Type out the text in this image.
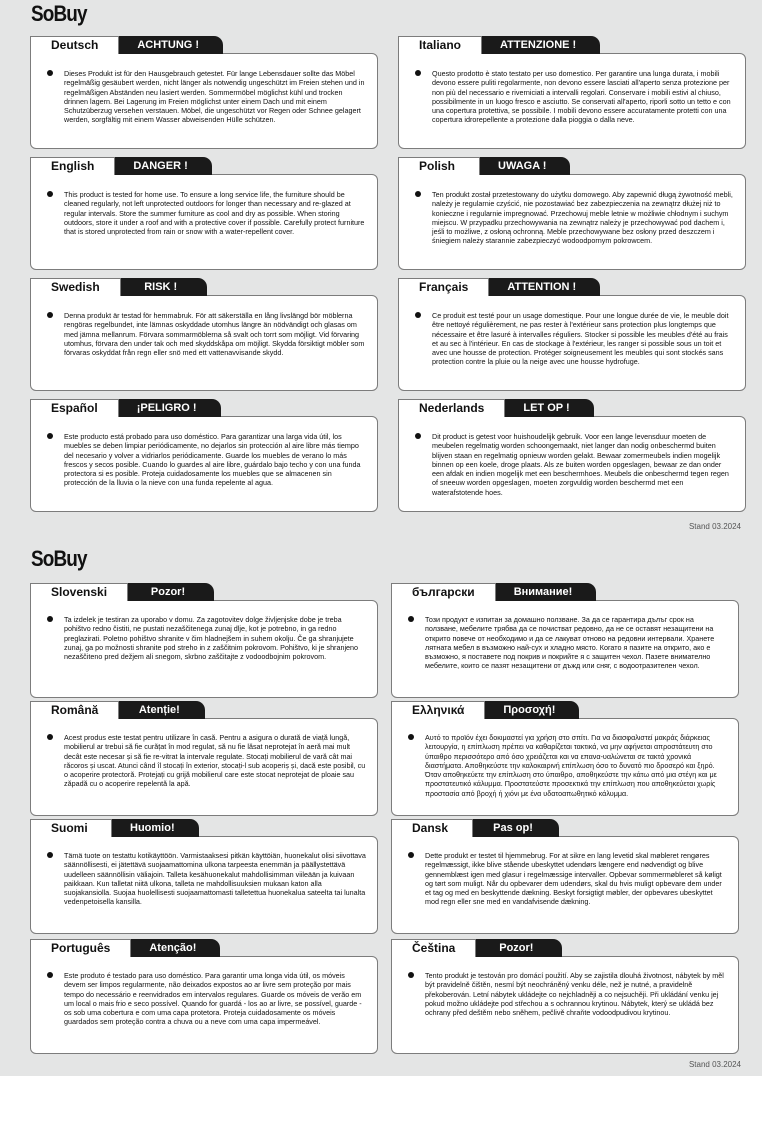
SoBuy
Deutsch	ACHTUNG !
Dieses Produkt ist für den Hausgebrauch getestet. Für lange Lebensdauer sollte das Möbel regelmäßig gesäubert werden, nicht länger als notwendig ungeschützt im Freien stehen und in regelmäßigen Abständen neu lasiert werden. Sommermöbel möglichst kühl und trocken drinnen lagern. Bei Lagerung im Freien möglichst unter einem Dach und mit einem Schutzüberzug versehen verstauen. Möbel, die ungeschützt vor Regen oder Schnee gelagert werden, sorgfältig mit einem Wasser abweisenden Hülle schützen.
Italiano	ATTENZIONE !
Questo prodotto è stato testato per uso domestico. Per garantire una lunga durata, i mobili devono essere puliti regolarmente, non devono essere lasciati all'aperto senza protezione per non più del necessario e riverniciati a intervalli regolari. Conservare i mobili estivi al chiuso, possibilmente in un luogo fresco e asciutto. Se conservati all'aperto, riporli sotto un tetto e con una copertura protettiva, se possibile. I mobili devono essere accuratamente protetti con una copertura idrorepellente a protezione dalla pioggia o dalla neve.
English	DANGER !
This product is tested for home use. To ensure a long service life, the furniture should be cleaned regularly, not left unprotected outdoors for longer than necessary and re-glazed at regular intervals. Store the summer furniture as cool and dry as possible. When storing outdoors, store it under a roof and with a protective cover if possible. Carefully protect furniture that is stored unprotected from rain or snow with a water-repellent cover.
Polish	UWAGA !
Ten produkt został przetestowany do użytku domowego. Aby zapewnić długą żywotność mebli, należy je regularnie czyścić, nie pozostawiać bez zabezpieczenia na zewnątrz dłużej niż to konieczne i regularnie impregnować. Przechowuj meble letnie w możliwie chłodnym i suchym miejscu. W przypadku przechowywania na zewnątrz należy je przechowywać pod dachem i, jeśli to możliwe, z osłoną ochronną. Meble przechowywane bez osłony przed deszczem i śniegiem należy starannie zabezpieczyć wodoodpornym pokrowcem.
Swedish	RISK !
Denna produkt är testad för hemmabruk. För att säkerställa en lång livslängd bör möblerna rengöras regelbundet, inte lämnas oskyddade utomhus längre än nödvändigt och glasas om med jämna mellanrum. Förvara sommarmöblerna så svalt och torrt som möjligt. Vid förvaring utomhus, förvara den under tak och med skyddskåpa om möjligt. Skydda försiktigt möbler som förvaras oskyddat från regn eller snö med ett vattenavvisande skydd.
Français	ATTENTION !
Ce produit est testé pour un usage domestique. Pour une longue durée de vie, le meuble doit être nettoyé régulièrement, ne pas rester à l'extérieur sans protection plus longtemps que nécessaire et être lasuré à intervalles réguliers. Stocker si possible les meubles d'été au frais et au sec à l'intérieur. En cas de stockage à l'extérieur, les ranger si possible sous un toit et avec une housse de protection. Protéger soigneusement les meubles qui sont stockés sans protection contre la pluie ou la neige avec une housse hydrofuge.
Español	¡PELIGRO !
Este producto está probado para uso doméstico. Para garantizar una larga vida útil, los muebles se deben limpiar periódicamente, no dejarlos sin protección al aire libre más tiempo del necesario y volver a vidriarlos periódicamente. Guarde los muebles de verano lo más frescos y secos posible. Cuando lo guardes al aire libre, guárdalo bajo techo y con una funda protectora si es posible. Proteja cuidadosamente los muebles que se almacenen sin protección de la lluvia o la nieve con una funda repelente al agua.
Nederlands	LET OP !
Dit product is getest voor huishoudelijk gebruik. Voor een lange levensduur moeten de meubelen regelmatig worden schoongemaakt, niet langer dan nodig onbeschermd buiten blijven staan en regelmatig opnieuw worden gelakt. Bewaar zomermeubels indien mogelijk binnen op een koele, droge plaats. Als ze buiten worden opgeslagen, bewaar ze dan onder een afdak en indien mogelijk met een beschermhoes. Meubels die onbeschermd tegen regen of sneeuw worden opgeslagen, moeten zorgvuldig worden beschermd met een waterafstotende hoes.
Stand 03.2024
SoBuy
Slovenski	Pozor!
Ta izdelek je testiran za uporabo v domu. Za zagotovitev dolge življenjske dobe je treba pohištvo redno čistiti, ne pustati nezaščitenega zunaj dlje, kot je potrebno, in ga redno preglazirati. Poletno pohištvo shranite v čim hladnejšem in suhem okolju. Če ga shranjujete zunaj, ga po možnosti shranite pod streho in z zaščitnim pokrovom. Pohištvo, ki je shranjeno nezaščiteno pred dežjem ali snegom, skrbno zaščitajte z vodoodbojnim pokrovom.
български	Внимание!
Този продукт е изпитан за домашно ползване. За да се гарантира дълъг срок на ползване, мебелите трябва да се почистват редовно, да не се оставят незащитени на открито повече от необходимо и да се лакуват отново на редовни интервали. Хранете лятната мебел в възможно най-сух и хладно място. Когато я пазите на открито, ако е възможно, я поставете под покрив и покрийте я с защитен чехол. Пазете внимателно мебелите, които се пазят незащитени от дъжд или сняг, с водоотразителен чехол.
Română	Atenție!
Acest produs este testat pentru utilizare în casă. Pentru a asigura o durată de viață lungă, mobilierul ar trebui să fie curățat în mod regulat, să nu fie lăsat neprotejat în aeră mai mult decât este necesar și să fie re-vitrat la intervale regulate. Stocați mobilierul de vară cât mai răcoros și uscat. Atunci când îl stocați în exterior, stocați-l sub acoperiș și, dacă este posibil, cu o acoperire protectoră. Protejați cu grijă mobilierul care este stocat neprotejat de ploaie sau zăpadă cu o acoperire repelentă la apă.
Ελληνικά	Προσοχή!
Αυτό το προϊόν έχει δοκιμαστεί για χρήση στο σπίτι. Για να διασφαλιστεί μακράς διάρκειας λειτουργία, η επίπλωση πρέπει να καθαρίζεται τακτικά, να μην αφήνεται απροστάτευτη στο ύπαιθρο περισσότερο από όσο χρειάζεται και να επανα-υαλώνεται σε τακτά χρονικά διαστήματα. Αποθηκεύστε την καλοκαιρινή επίπλωση όσο το δυνατό πιο δροσερό και ξηρό. Όταν αποθηκεύετε την επίπλωση στο ύπαιθρο, αποθηκεύστε την κάτω από μια στέγη και με προστατευτικό κάλυμμα. Προστατεύστε προσεκτικά την επίπλωση που αποθηκεύεται χωρίς προστασία από βροχή ή χιόνι με ένα υδατοαπωθητικό κάλυμμα.
Suomi	Huomio!
Tämä tuote on testattu kotikäyttöön. Varmistaaksesi pitkän käyttöiän, huonekalut olisi siivottava säännöllisesti, ei jätettävä suojaamattomina ulkona tarpeesta enemmän ja päällystettävä uudelleen säännöllisin väliajoin. Talleta kesähuonekalut mahdollisimman viileään ja kuivaan paikkaan. Kun talletat niitä ulkona, talleta ne mahdollisuuksien mukaan katon alla suojakansiolla. Suojaa huolellisesti suojaamattomasti talletettua huonekalua sateelta tai lunalta vedenpetoisella kansilla.
Dansk	Pas op!
Dette produkt er testet til hjemmebrug. For at sikre en lang levetid skal møbleret rengøres regelmæssigt, ikke blive stående ubeskyttet udendørs længere end nødvendigt og blive gennemblæst igen med glasur i regelmæssige intervaller. Opbevar sommermøbleret så køligt og tørt som muligt. Når du opbevarer dem udendørs, skal du hvis muligt opbevare dem under et tag og med en beskyttende dækning. Beskyt forsigtigt møbler, der opbevares ubeskyttet mod regn eller sne med en vandafvisende dækning.
Português	Atenção!
Este produto é testado para uso doméstico. Para garantir uma longa vida útil, os móveis devem ser limpos regularmente, não deixados expostos ao ar livre sem proteção por mais tempo do necessário e reenvidrados em intervalos regulares. Guarde os móveis de verão em um local o mais frio e seco possível. Quando for guardá - los ao ar livre, se possível, guarde - os sob uma cobertura e com uma capa protetora. Proteja cuidadosamente os móveis guardados sem proteção contra a chuva ou a neve com uma capa impermeável.
Čeština	Pozor!
Tento produkt je testován pro domácí použití. Aby se zajistila dlouhá životnost, nábytek by měl být pravidelně čištěn, nesmí být neochráněný venku déle, než je nutné, a pravidelně překoberován. Letní nábytek ukládejte co nejchladněji a co nejsuchěji. Při ukládání venku jej pokud možno ukládejte pod střechou a s ochrannou krytinou. Nábytek, který se ukládá bez ochrany před deštěm nebo sněhem, pečlivě chraňte vodoodpudivou krytinou.
Stand 03.2024
